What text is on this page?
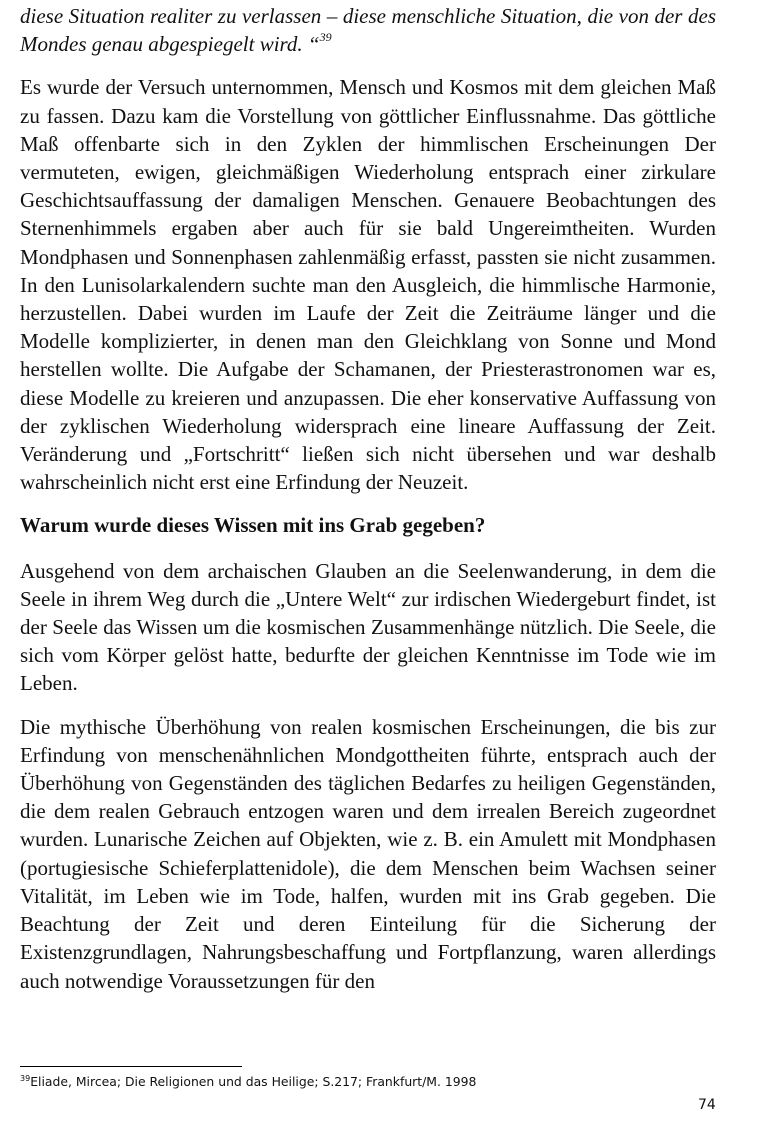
diese Situation realiter zu verlassen – diese menschliche Situation, die von der des Mondes genau abgespiegelt wird. “$^{39}$

Es wurde der Versuch unternommen, Mensch und Kosmos mit dem gleichen Maß zu fassen. Dazu kam die Vorstellung von göttlicher Einflussnahme. Das göttliche Maß offenbarte sich in den Zyklen der himmlischen Erscheinungen Der vermuteten, ewigen, gleichmäßigen Wiederholung entsprach einer zirkulare Geschichtsauffassung der damaligen Menschen. Genauere Beobachtungen des Sternenhimmels ergaben aber auch für sie bald Ungereimtheiten. Wurden Mondphasen und Sonnenphasen zahlenmäßig erfasst, passten sie nicht zusammen. In den Lunisolarkalendern suchte man den Ausgleich, die himmlische Harmonie, herzustellen. Dabei wurden im Laufe der Zeit die Zeiträume länger und die Modelle komplizierter, in denen man den Gleichklang von Sonne und Mond herstellen wollte. Die Aufgabe der Schamanen, der Priesterastronomen war es, diese Modelle zu kreieren und anzupassen. Die eher konservative Auffassung von der zyklischen Wiederholung widersprach eine lineare Auffassung der Zeit. Veränderung und „Fortschritt“ ließen sich nicht übersehen und war deshalb wahrscheinlich nicht erst eine Erfindung der Neuzeit.

Warum wurde dieses Wissen mit ins Grab gegeben?

Ausgehend von dem archaischen Glauben an die Seelenwanderung, in dem die Seele in ihrem Weg durch die „Untere Welt“ zur irdischen Wiedergeburt findet, ist der Seele das Wissen um die kosmischen Zusammenhänge nützlich. Die Seele, die sich vom Körper gelöst hatte, bedurfte der gleichen Kenntnisse im Tode wie im Leben.

Die mythische Überhöhung von realen kosmischen Erscheinungen, die bis zur Erfindung von menschenähnlichen Mondgottheiten führte, entsprach auch der Überhöhung von Gegenständen des täglichen Bedarfes zu heiligen Gegenständen, die dem realen Gebrauch entzogen waren und dem irrealen Bereich zugeordnet wurden. Lunarische Zeichen auf Objekten, wie z. B. ein Amulett mit Mondphasen (portugiesische Schieferplattenidole), die dem Menschen beim Wachsen seiner Vitalität, im Leben wie im Tode, halfen, wurden mit ins Grab gegeben. Die Beachtung der Zeit und deren Einteilung für die Sicherung der Existenzgrundlagen, Nahrungsbeschaffung und Fortpflanzung, waren allerdings auch notwendige Voraussetzungen für den

$^{39}$Eliade, Mircea; Die Religionen und das Heilige; S.217; Frankfurt/M. 1998
74
